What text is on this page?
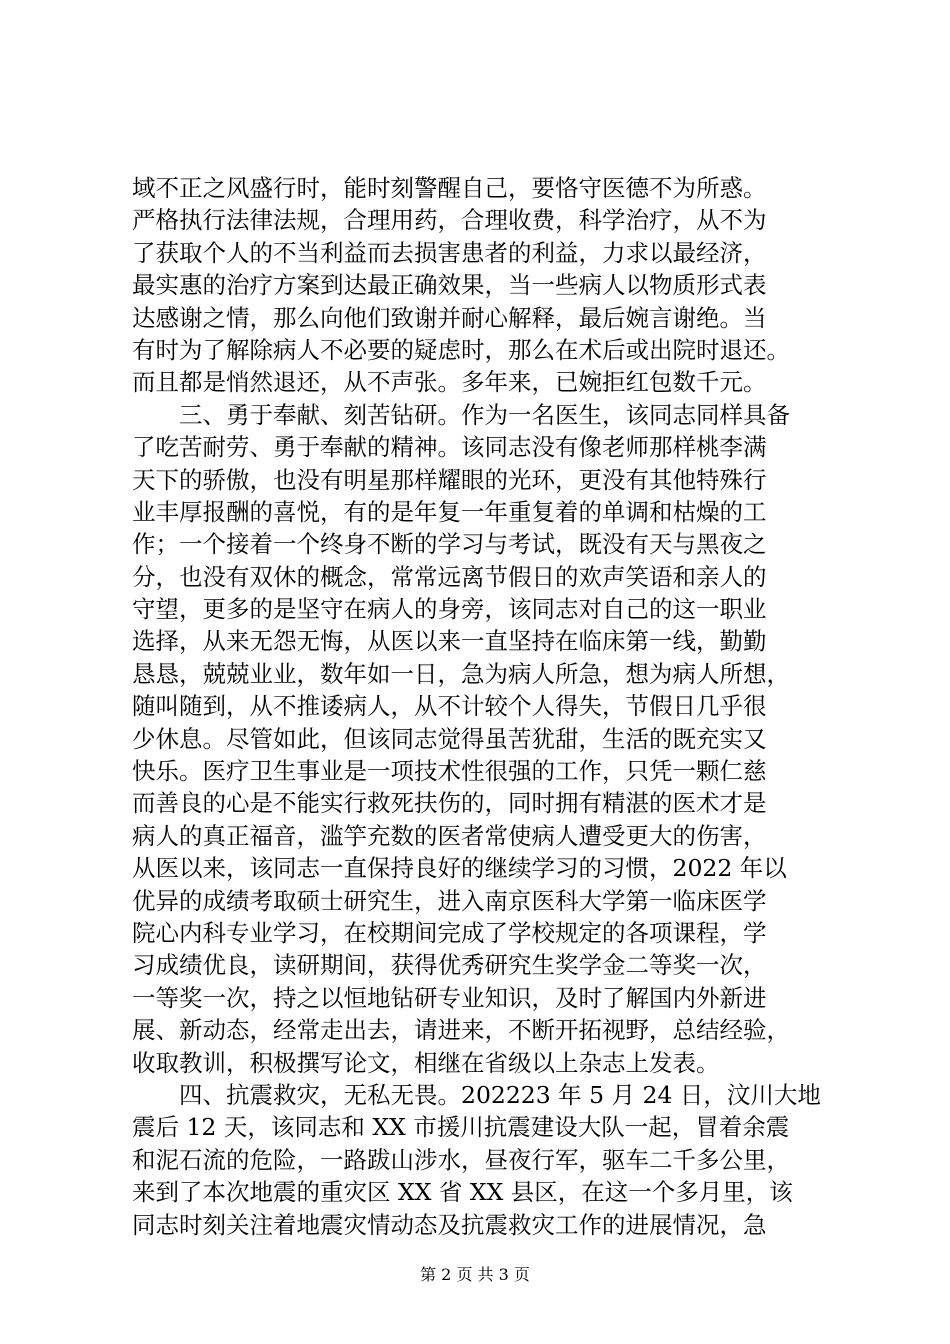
域不正之风盛行时，能时刻警醒自己，要恪守医德不为所惑。
严格执行法律法规，合理用药，合理收费，科学治疗，从不为
了获取个人的不当利益而去损害患者的利益，力求以最经济，
最实惠的治疗方案到达最正确效果，当一些病人以物质形式表
达感谢之情，那么向他们致谢并耐心解释，最后婉言谢绝。当
有时为了解除病人不必要的疑虑时，那么在术后或出院时退还。
而且都是悄然退还，从不声张。多年来，已婉拒红包数千元。
　　三、勇于奉献、刻苦钻研。作为一名医生，该同志同样具备
了吃苦耐劳、勇于奉献的精神。该同志没有像老师那样桃李满
天下的骄傲，也没有明星那样耀眼的光环，更没有其他特殊行
业丰厚报酬的喜悦，有的是年复一年重复着的单调和枯燥的工
作；一个接着一个终身不断的学习与考试，既没有天与黑夜之
分，也没有双休的概念，常常远离节假日的欢声笑语和亲人的
守望，更多的是坚守在病人的身旁，该同志对自己的这一职业
选择，从来无怨无悔，从医以来一直坚持在临床第一线，勤勤
恳恳，兢兢业业，数年如一日，急为病人所急，想为病人所想，
随叫随到，从不推诿病人，从不计较个人得失，节假日几乎很
少休息。尽管如此，但该同志觉得虽苦犹甜，生活的既充实又
快乐。医疗卫生事业是一项技术性很强的工作，只凭一颗仁慈
而善良的心是不能实行救死扶伤的，同时拥有精湛的医术才是
病人的真正福音，滥竽充数的医者常使病人遭受更大的伤害，
从医以来，该同志一直保持良好的继续学习的习惯，2022 年以
优异的成绩考取硕士研究生，进入南京医科大学第一临床医学
院心内科专业学习，在校期间完成了学校规定的各项课程，学
习成绩优良，读研期间，获得优秀研究生奖学金二等奖一次，
一等奖一次，持之以恒地钻研专业知识，及时了解国内外新进
展、新动态，经常走出去，请进来，不断开拓视野，总结经验，
收取教训，积极撰写论文，相继在省级以上杂志上发表。
　　四、抗震救灾，无私无畏。202223 年 5 月 24 日，汶川大地
震后 12 天，该同志和 XX 市援川抗震建设大队一起，冒着余震
和泥石流的危险，一路跋山涉水，昼夜行军，驱车二千多公里，
来到了本次地震的重灾区 XX 省 XX 县区，在这一个多月里，该
同志时刻关注着地震灾情动态及抗震救灾工作的进展情况，急
第 2 页 共 3 页
